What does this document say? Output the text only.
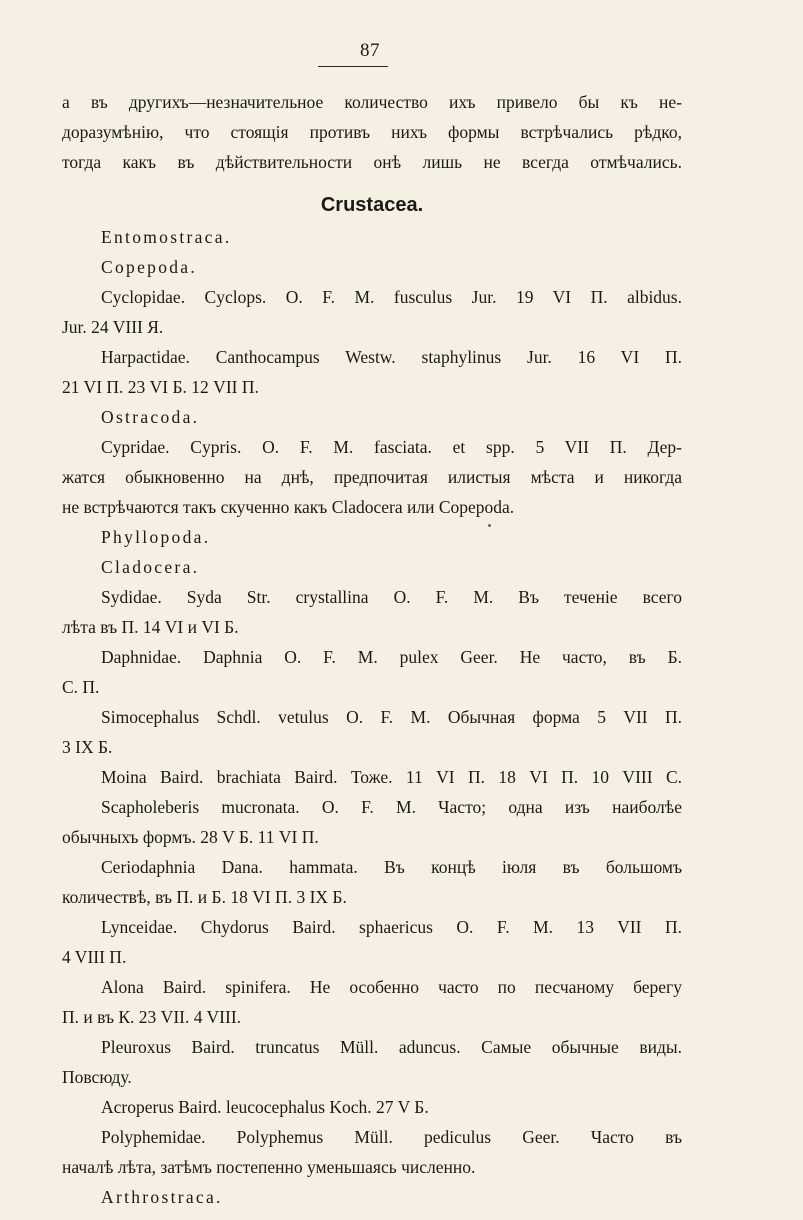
87
а въ другихъ—незначительное количество ихъ привело бы къ не-
доразумѣнію, что стоящія противъ нихъ формы встрѣчались рѣдко,
тогда какъ въ дѣйствительности онѣ лишь не всегда отмѣчались.
Crustacea.
Entomostraca.
Copepoda.
Cyclopidae. Cyclops. O. F. M. fusculus Jur. 19 VI П. albidus.
Jur. 24 VIII Я.
Harpactidae. Canthocampus Westw. staphylinus Jur. 16 VI П.
21 VI П. 23 VI Б. 12 VII П.
Ostracoda.
Cypridae. Cypris. O. F. M. fasciata. et spp. 5 VII П. Дер-
жатся обыкновенно на днѣ, предпочитая илистыя мѣста и никогда
не встрѣчаются такъ скученно какъ Cladocera или Copepoda.
Phyllopoda.
Cladocera.
Sydidae. Syda Str. crystallina O. F. M. Въ теченіе всего
лѣта въ П. 14 VI и VI Б.
Daphnidae. Daphnia O. F. M. pulex Geer. Не часто, въ Б.
С. П.
Simocephalus Schdl. vetulus O. F. M. Обычная форма 5 VII П.
3 IX Б.
Moina Baird. brachiata Baird. Тоже. 11 VI П. 18 VI П. 10 VIII С.
Scapholeberis mucronata. O. F. M. Часто; одна изъ наиболѣе
обычныхъ формъ. 28 V Б. 11 VI П.
Ceriodaphnia Dana. hammata. Въ концѣ іюля въ большомъ
количествѣ, въ П. и Б. 18 VI П. 3 IX Б.
Lynceidae. Chydorus Baird. sphaericus O. F. M. 13 VII П.
4 VIII П.
Alona Baird. spinifera. Не особенно часто по песчаному берегу
П. и въ К. 23 VII. 4 VIII.
Pleuroxus Baird. truncatus Müll. aduncus. Самые обычные виды.
Повсюду.
Acroperus Baird. leucocephalus Koch. 27 V Б.
Polyphemidae. Polyphemus Müll. pediculus Geer. Часто въ
началѣ лѣта, затѣмъ постепенно уменьшаясь численно.
Arthrostraca.
